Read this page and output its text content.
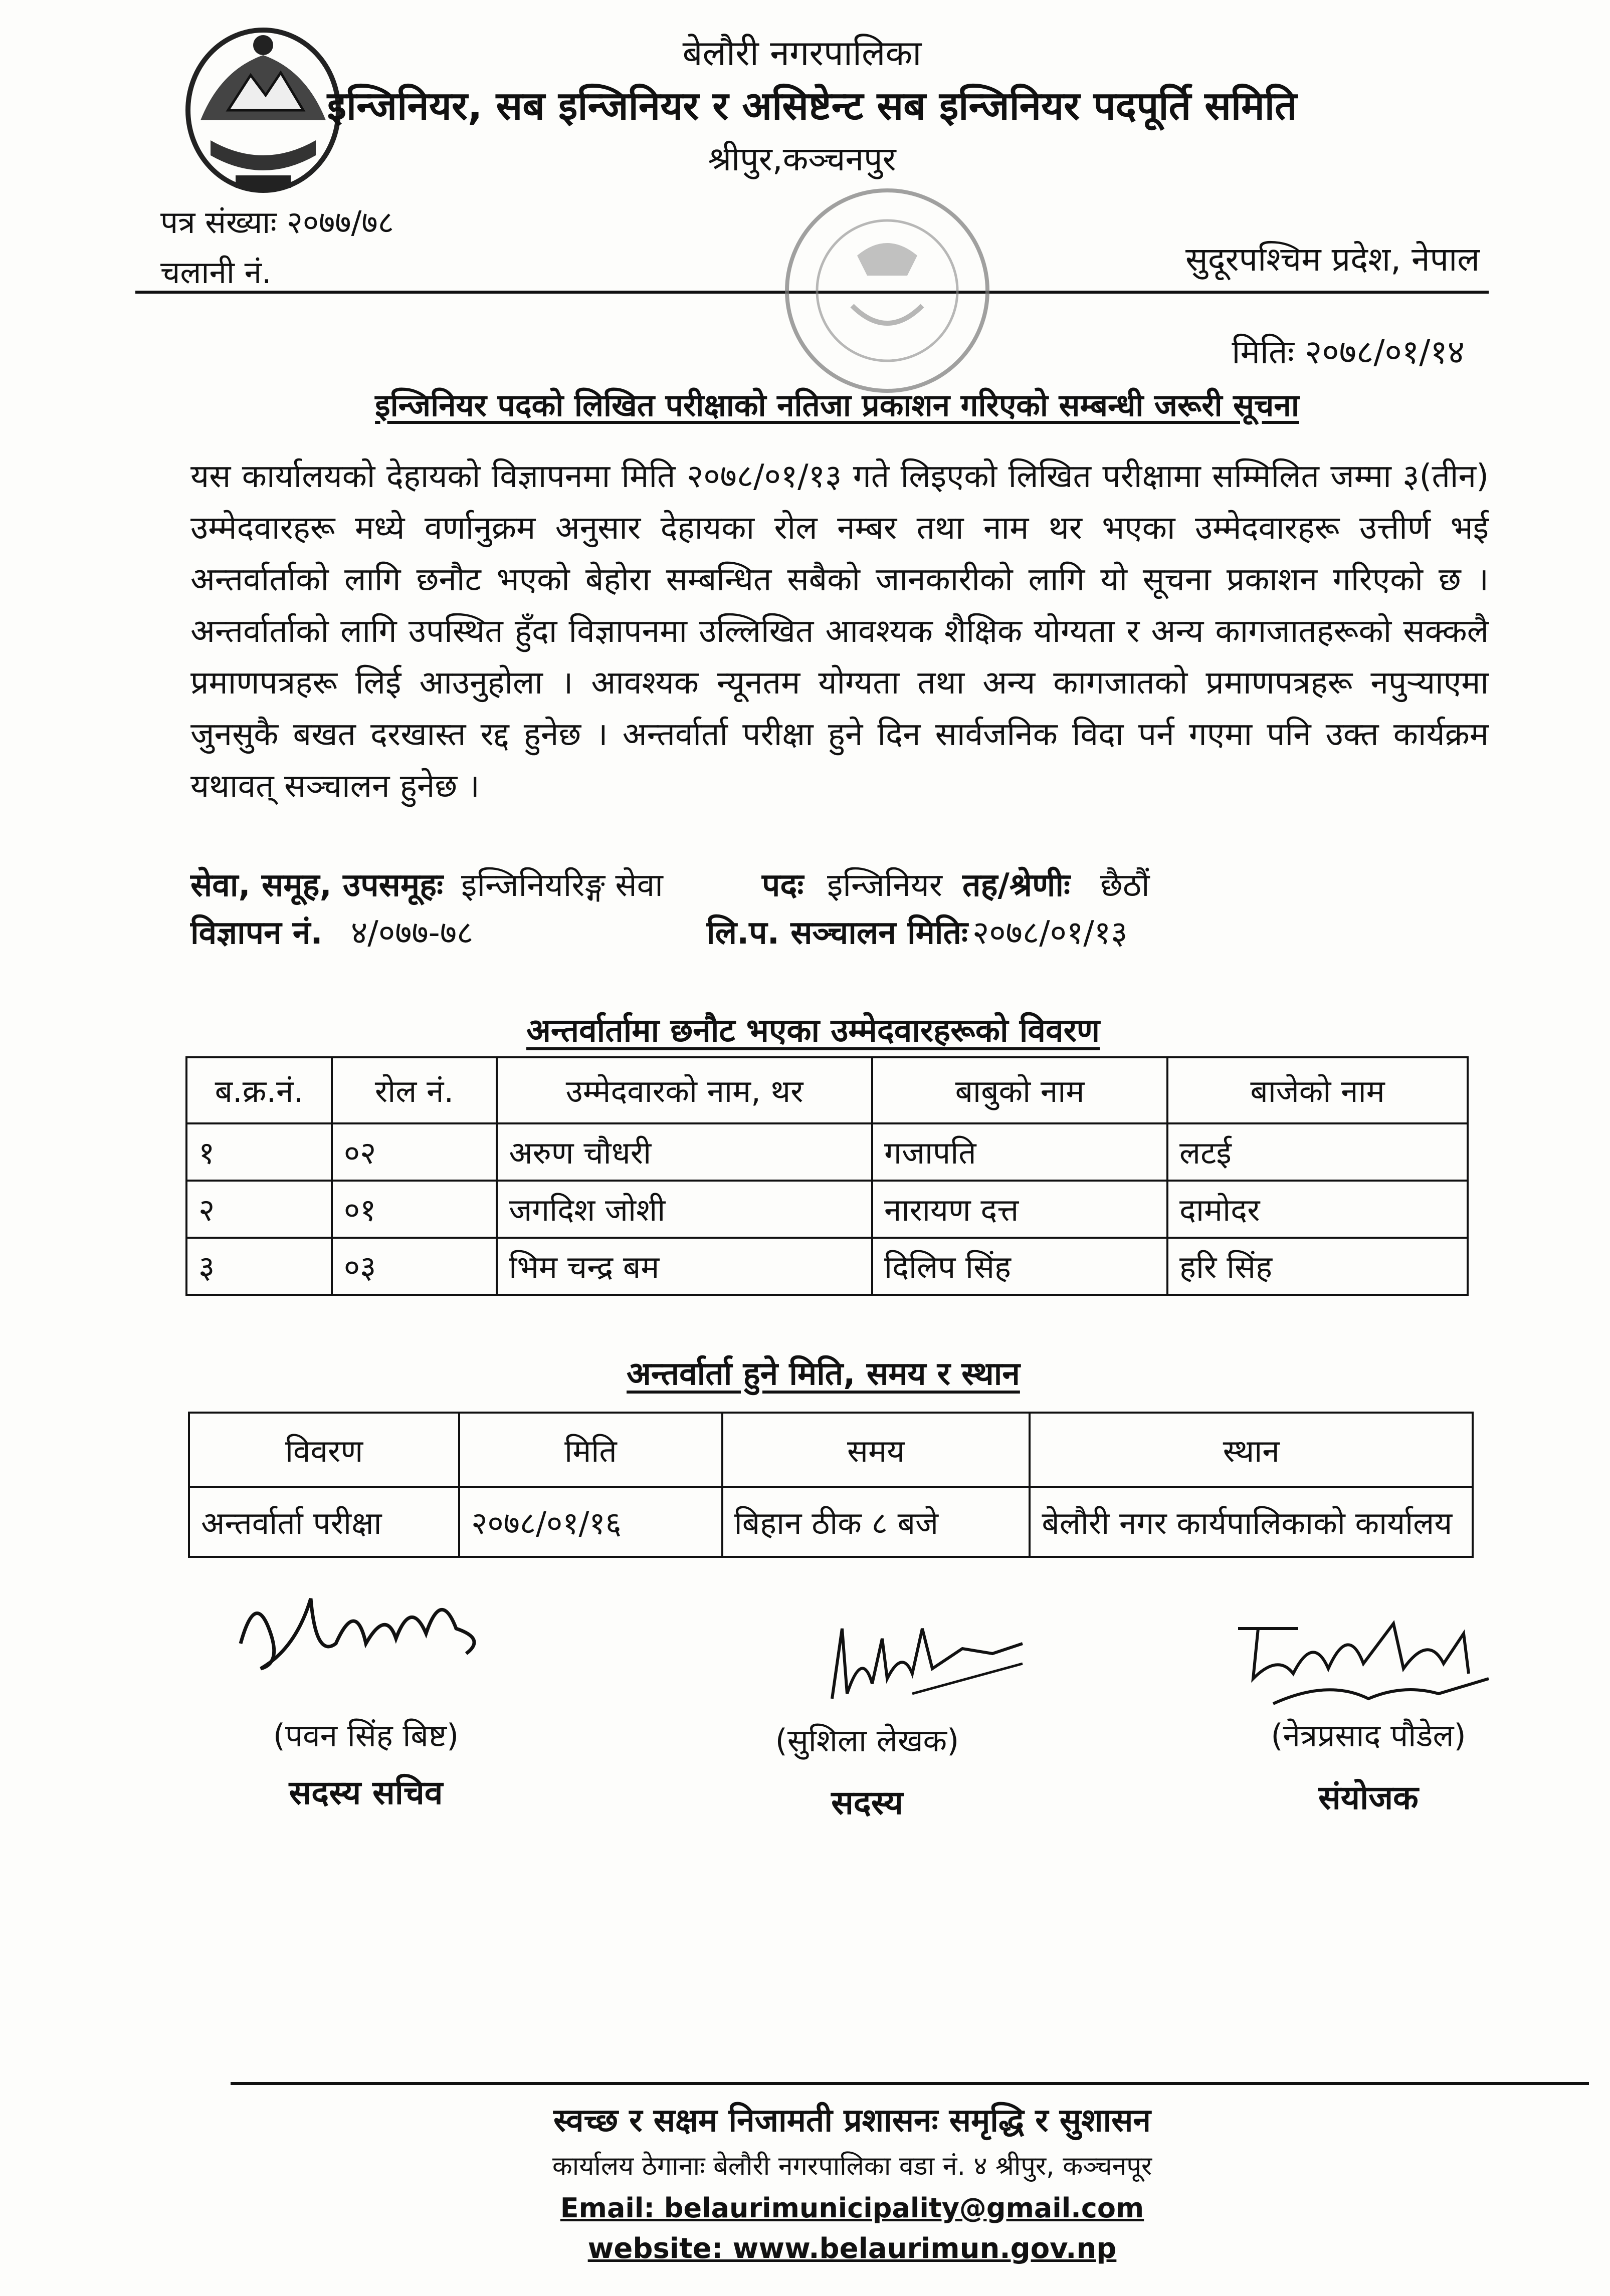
बेलौरी नगरपालिका
इन्जिनियर, सब इन्जिनियर र असिष्टेन्ट सब इन्जिनियर पदपूर्ति समिति
श्रीपुर,कञ्चनपुर
पत्र संख्याः २०७७/७८
चलानी नं.	सुदूरपश्चिम प्रदेश, नेपाल
मितिः २०७८/०१/१४
इन्जिनियर पदको लिखित परीक्षाको नतिजा प्रकाशन गरिएको सम्बन्धी जरूरी सूचना
यस कार्यालयको देहायको विज्ञापनमा मिति २०७८/०१/१३ गते लिइएको लिखित परीक्षामा सम्मिलित जम्मा ३(तीन) उम्मेदवारहरू मध्ये वर्णानुक्रम अनुसार देहायका रोल नम्बर तथा नाम थर भएका उम्मेदवारहरू उत्तीर्ण भई अन्तर्वार्ताको लागि छनौट भएको बेहोरा सम्बन्धित सबैको जानकारीको लागि यो सूचना प्रकाशन गरिएको छ । अन्तर्वार्ताको लागि उपस्थित हुँदा विज्ञापनमा उल्लिखित आवश्यक शैक्षिक योग्यता र अन्य कागजातहरूको सक्कलै प्रमाणपत्रहरू लिई आउनुहोला । आवश्यक न्यूनतम योग्यता तथा अन्य कागजातको प्रमाणपत्रहरू नपुऱ्याएमा जुनसुकै बखत दरखास्त रद्द हुनेछ । अन्तर्वार्ता परीक्षा हुने दिन सार्वजनिक विदा पर्न गएमा पनि उक्त कार्यक्रम यथावत् सञ्चालन हुनेछ ।
सेवा, समूह, उपसमूहः इन्जिनियरिङ्ग सेवा	पदः इन्जिनियर तह/श्रेणीः छैठौं
विज्ञापन नं. ४/०७७-७८	लि.प. सञ्चालन मितिः २०७८/०१/१३
अन्तर्वार्तामा छनौट भएका उम्मेदवारहरूको विवरण
ब.क्र.नं.	रोल नं.	उम्मेदवारको नाम, थर	बाबुको नाम	बाजेको नाम
१	०२	अरुण चौधरी	गजापति	लटई
२	०१	जगदिश जोशी	नारायण दत्त	दामोदर
३	०३	भिम चन्द्र बम	दिलिप सिंह	हरि सिंह
अन्तर्वार्ता हुने मिति, समय र स्थान
विवरण	मिति	समय	स्थान
अन्तर्वार्ता परीक्षा	२०७८/०१/१६	बिहान ठीक ८ बजे	बेलौरी नगर कार्यपालिकाको कार्यालय
(पवन सिंह बिष्ट)	(सुशिला लेखक)	(नेत्रप्रसाद पौडेल)
सदस्य सचिव	सदस्य	संयोजक
स्वच्छ र सक्षम निजामती प्रशासनः समृद्धि र सुशासन
कार्यालय ठेगानाः बेलौरी नगरपालिका वडा नं. ४ श्रीपुर, कञ्चनपूर
Email: belaurimunicipality@gmail.com
website: www.belaurimun.gov.np
